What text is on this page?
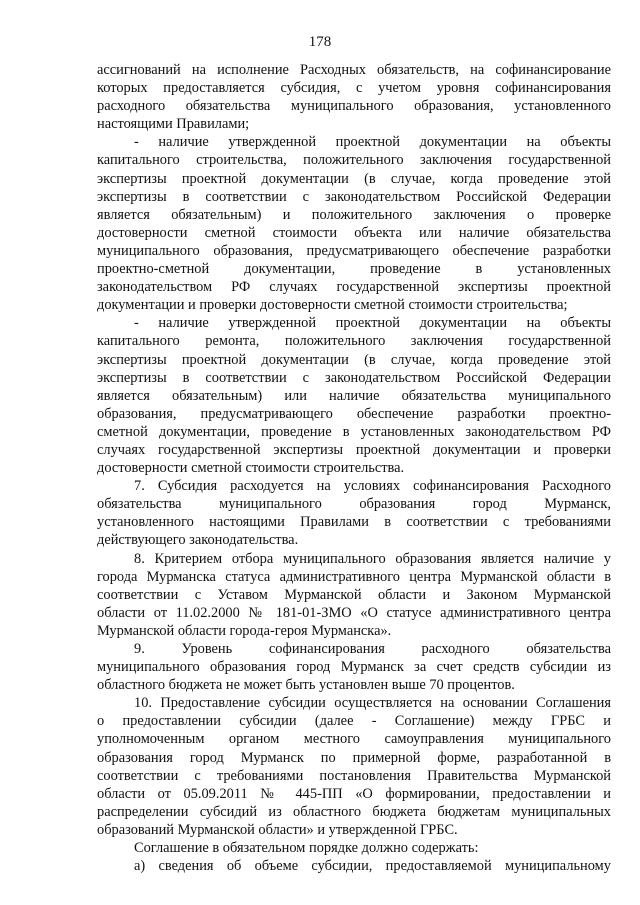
178
ассигнований на исполнение Расходных обязательств, на софинансирование
которых предоставляется субсидия, с учетом уровня софинансирования
расходного обязательства муниципального образования, установленного
настоящими Правилами;
- наличие утвержденной проектной документации на объекты
капитального строительства, положительного заключения государственной
экспертизы проектной документации (в случае, когда проведение этой
экспертизы в соответствии с законодательством Российской Федерации
является обязательным) и положительного заключения о проверке
достоверности сметной стоимости объекта или наличие обязательства
муниципального образования, предусматривающего обеспечение разработки
проектно-сметной документации, проведение в установленных
законодательством РФ случаях государственной экспертизы проектной
документации и проверки достоверности сметной стоимости строительства;
- наличие утвержденной проектной документации на объекты
капитального ремонта, положительного заключения государственной
экспертизы проектной документации (в случае, когда проведение этой
экспертизы в соответствии с законодательством Российской Федерации
является обязательным) или наличие обязательства муниципального
образования, предусматривающего обеспечение разработки проектно-
сметной документации, проведение в установленных законодательством РФ
случаях государственной экспертизы проектной документации и проверки
достоверности сметной стоимости строительства.
7. Субсидия расходуется на условиях софинансирования Расходного
обязательства муниципального образования город Мурманск,
установленного настоящими Правилами в соответствии с требованиями
действующего законодательства.
8. Критерием отбора муниципального образования является наличие у
города Мурманска статуса административного центра Мурманской области в
соответствии с Уставом Мурманской области и Законом Мурманской
области от 11.02.2000 № 181-01-ЗМО «О статусе административного центра
Мурманской области города-героя Мурманска».
9. Уровень софинансирования расходного обязательства
муниципального образования город Мурманск за счет средств субсидии из
областного бюджета не может быть установлен выше 70 процентов.
10. Предоставление субсидии осуществляется на основании Соглашения
о предоставлении субсидии (далее - Соглашение) между ГРБС и
уполномоченным органом местного самоуправления муниципального
образования город Мурманск по примерной форме, разработанной в
соответствии с требованиями постановления Правительства Мурманской
области от 05.09.2011 № 445-ПП «О формировании, предоставлении и
распределении субсидий из областного бюджета бюджетам муниципальных
образований Мурманской области» и утвержденной ГРБС.
Соглашение в обязательном порядке должно содержать:
а) сведения об объеме субсидии, предоставляемой муниципальному
